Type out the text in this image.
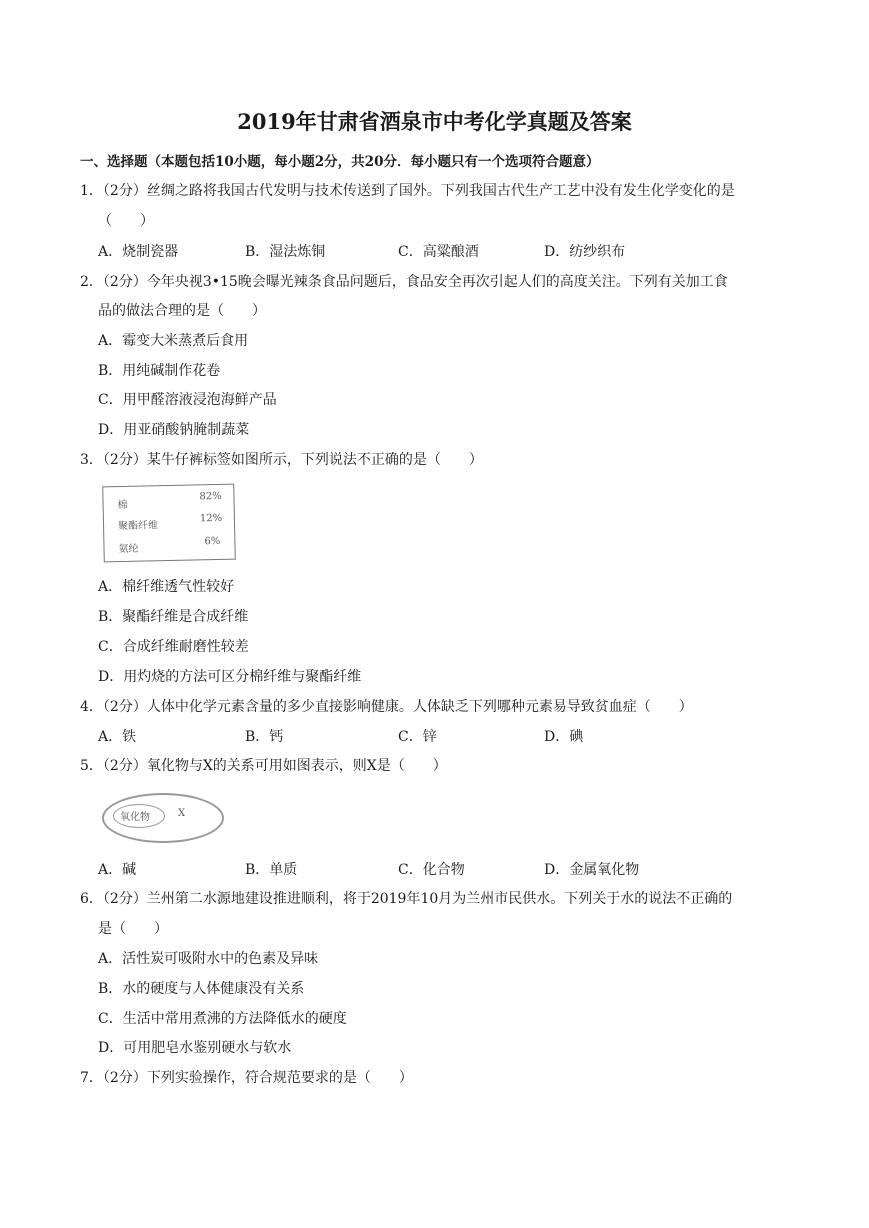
2019年甘肃省酒泉市中考化学真题及答案
一、选择题（本题包括10小题，每小题2分，共20分．每小题只有一个选项符合题意）
1．（2分）丝绸之路将我国古代发明与技术传送到了国外。下列我国古代生产工艺中没有发生化学变化的是
（　　）
A．烧制瓷器	B．湿法炼铜	C．高粱酿酒	D．纺纱织布
2．（2分）今年央视3•15晚会曝光辣条食品问题后，食品安全再次引起人们的高度关注。下列有关加工食
品的做法合理的是（　　）
A．霉变大米蒸煮后食用
B．用纯碱制作花卷
C．用甲醛溶液浸泡海鲜产品
D．用亚硝酸钠腌制蔬菜
3．（2分）某牛仔裤标签如图所示，下列说法不正确的是（　　）
棉
82%
聚酯纤维
12%
氨纶
6%
A．棉纤维透气性较好
B．聚酯纤维是合成纤维
C．合成纤维耐磨性较差
D．用灼烧的方法可区分棉纤维与聚酯纤维
4．（2分）人体中化学元素含量的多少直接影响健康。人体缺乏下列哪种元素易导致贫血症（　　）
A．铁	B．钙	C．锌	D．碘
5．（2分）氧化物与X的关系可用如图表示，则X是（　　）
氧化物	X
A．碱	B．单质	C．化合物	D．金属氧化物
6．（2分）兰州第二水源地建设推进顺利，将于2019年10月为兰州市民供水。下列关于水的说法不正确的
是（　　）
A．活性炭可吸附水中的色素及异味
B．水的硬度与人体健康没有关系
C．生活中常用煮沸的方法降低水的硬度
D．可用肥皂水鉴别硬水与软水
7．（2分）下列实验操作，符合规范要求的是（　　）
